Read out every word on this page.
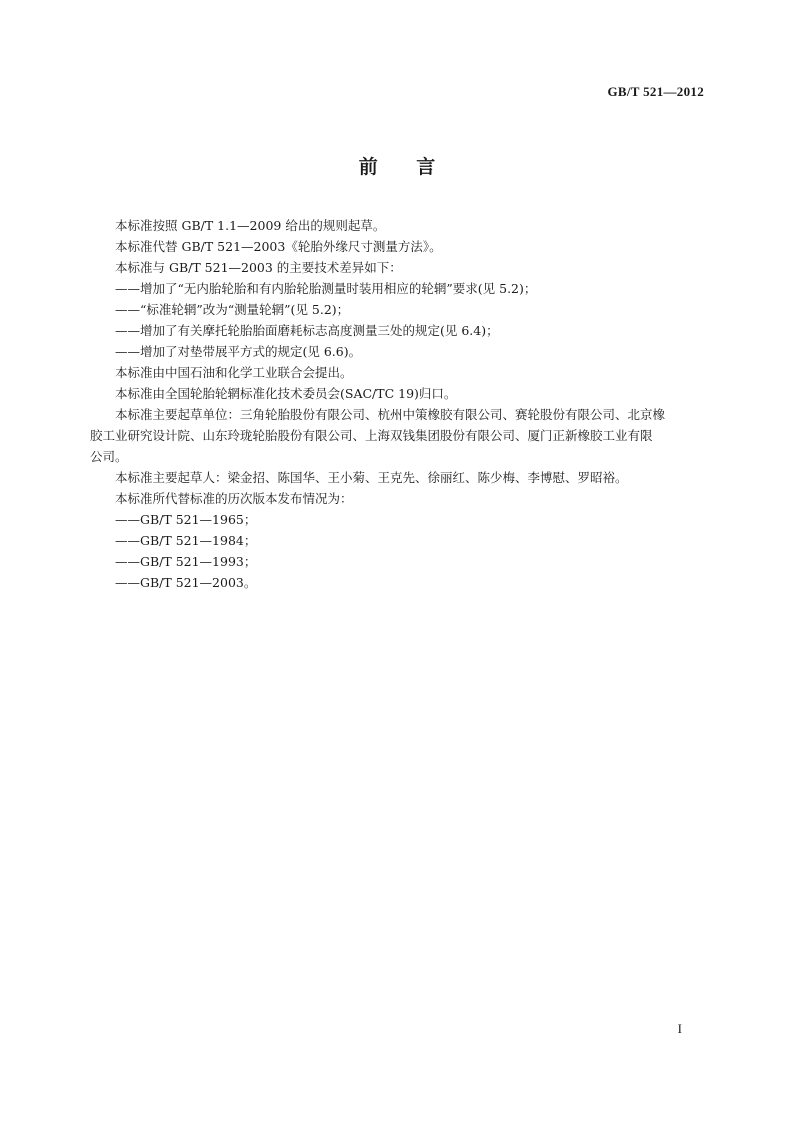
GB/T 521—2012
前 言

本标准按照 GB/T 1.1—2009 给出的规则起草。

本标准代替 GB/T 521—2003《轮胎外缘尺寸测量方法》。

本标准与 GB/T 521—2003 的主要技术差异如下：

——增加了“无内胎轮胎和有内胎轮胎测量时装用相应的轮辋”要求(见 5.2)；

——“标准轮辋”改为“测量轮辋”(见 5.2)；

——增加了有关摩托轮胎胎面磨耗标志高度测量三处的规定(见 6.4)；

——增加了对垫带展平方式的规定(见 6.6)。

本标准由中国石油和化学工业联合会提出。

本标准由全国轮胎轮辋标准化技术委员会(SAC/TC 19)归口。

本标准主要起草单位：三角轮胎股份有限公司、杭州中策橡胶有限公司、赛轮股份有限公司、北京橡
胶工业研究设计院、山东玲珑轮胎股份有限公司、上海双钱集团股份有限公司、厦门正新橡胶工业有限
公司。

本标准主要起草人：梁金招、陈国华、王小菊、王克先、徐丽红、陈少梅、李博慰、罗昭裕。

本标准所代替标准的历次版本发布情况为：

——GB/T 521—1965；

——GB/T 521—1984；

——GB/T 521—1993；

——GB/T 521—2003。

I
